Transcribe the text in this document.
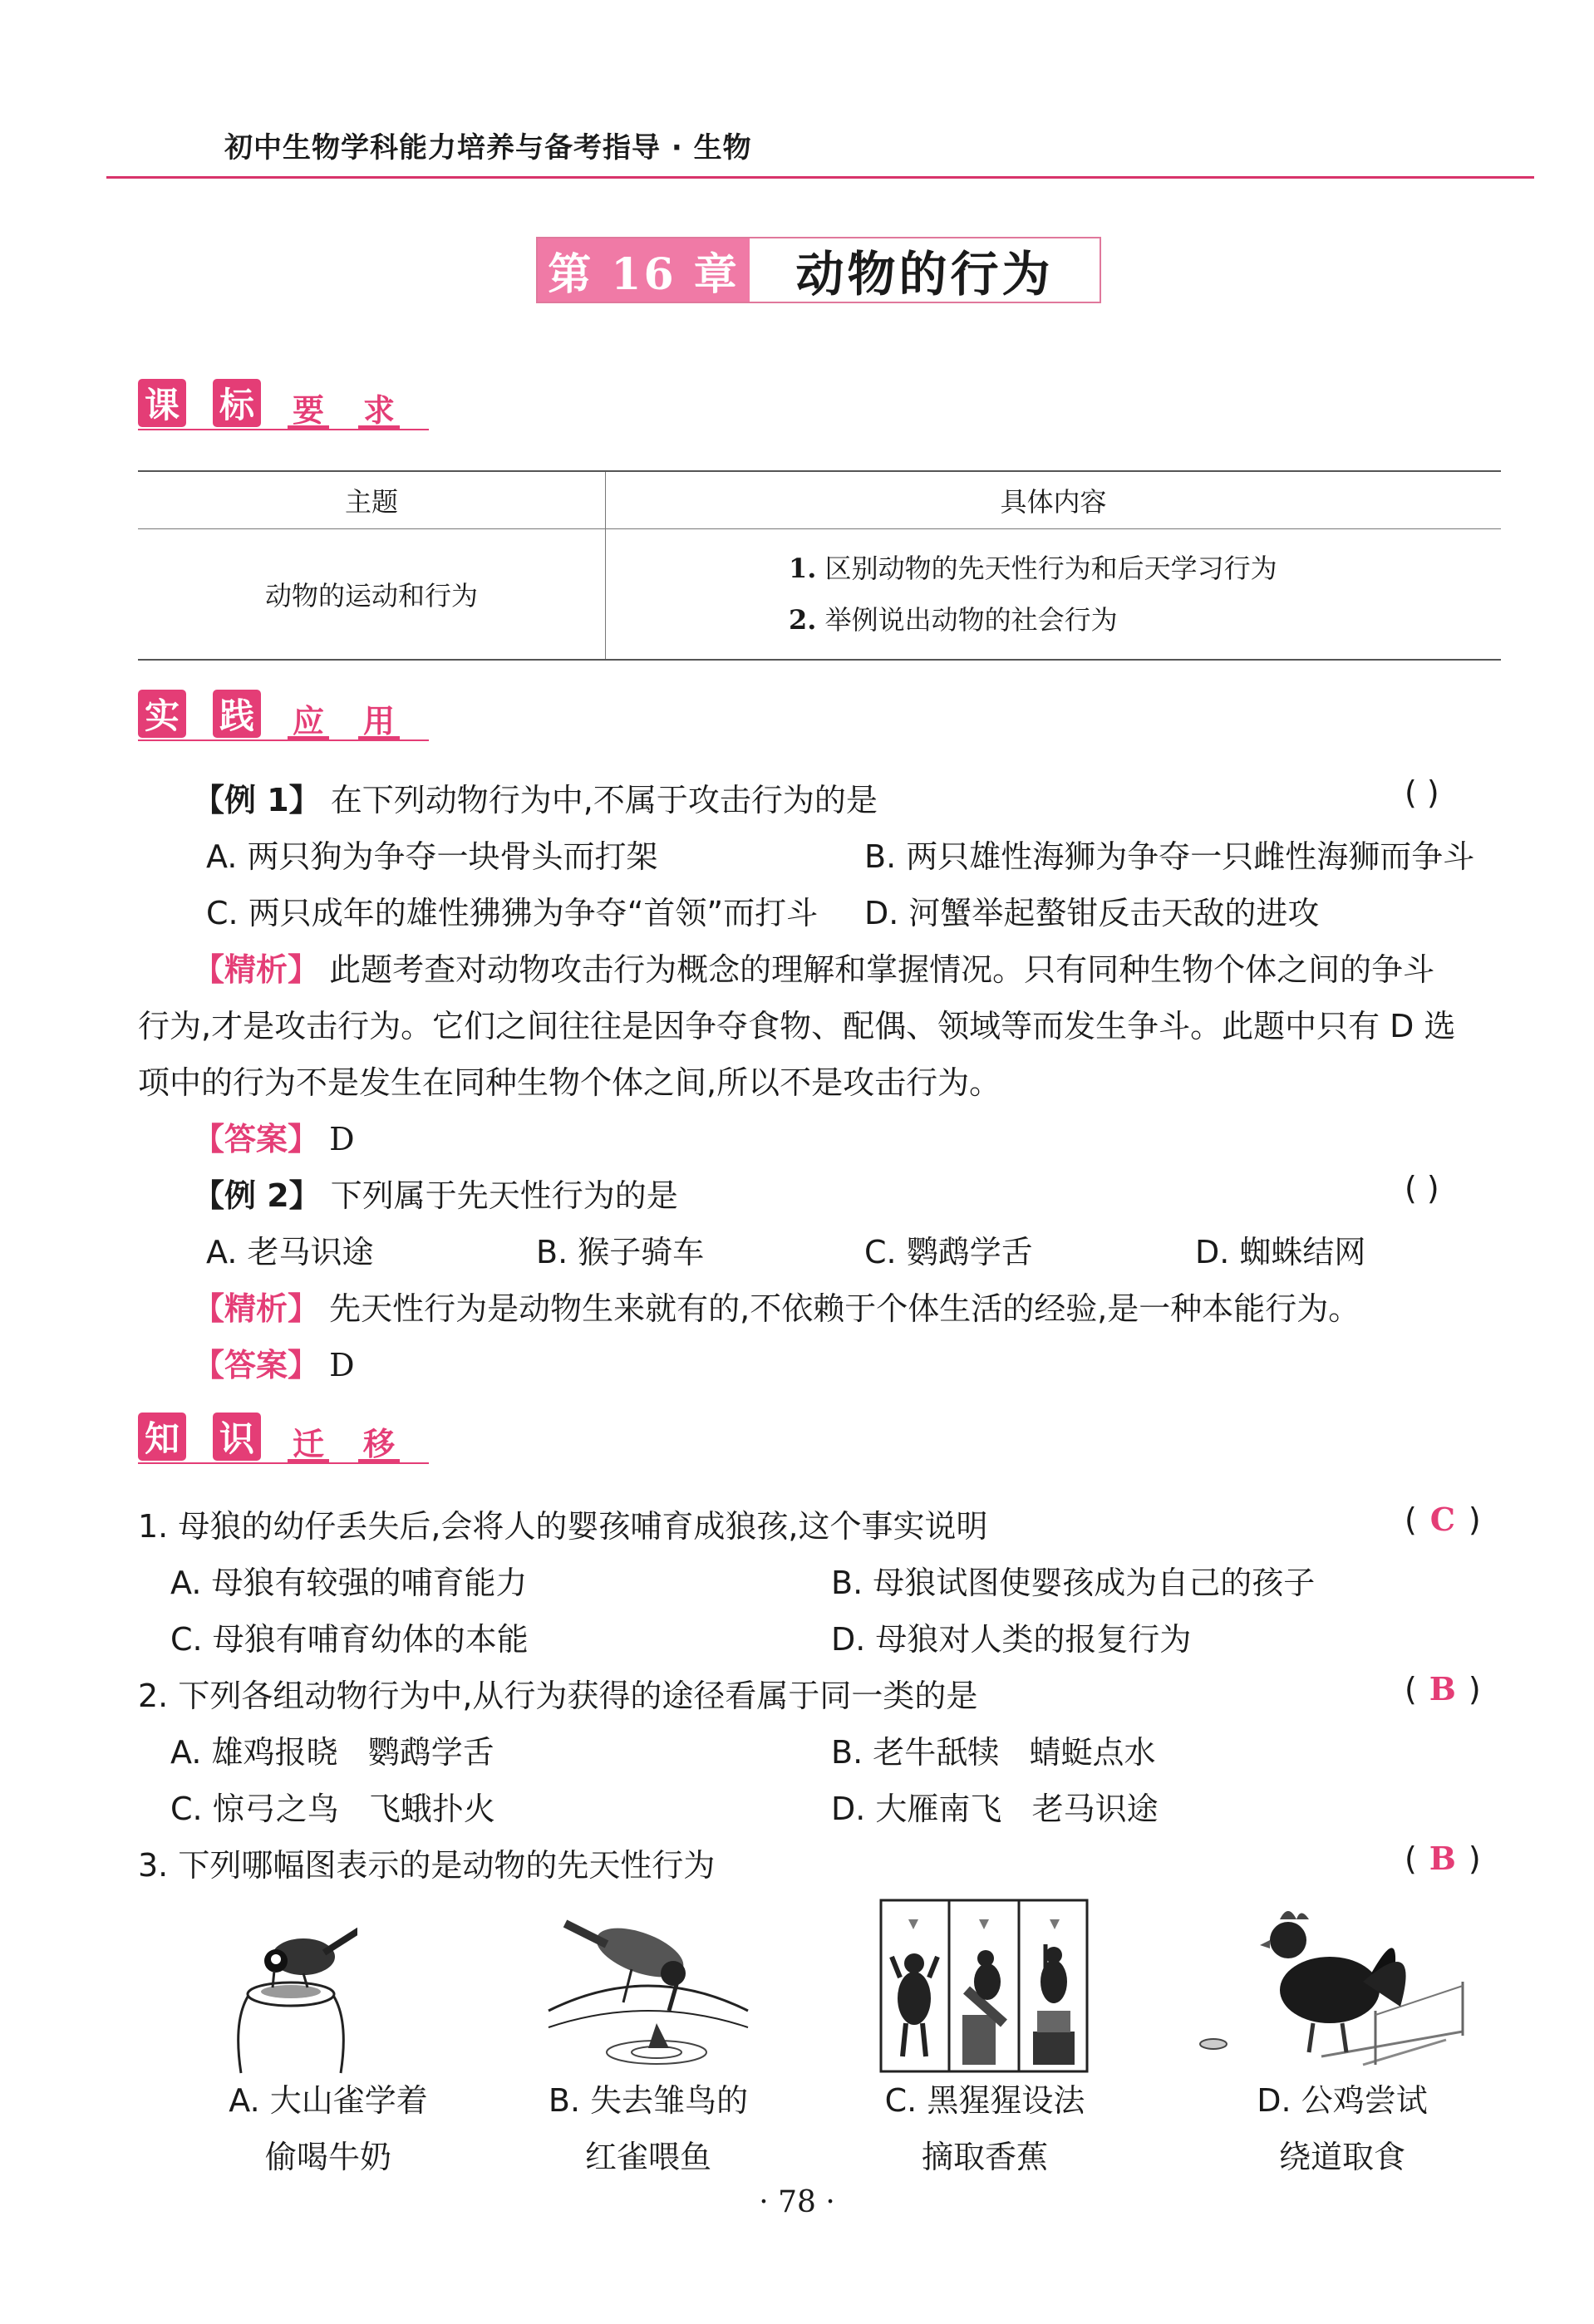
初中生物学科能力培养与备考指导 · 生物
第 16 章	动物的行为
课 标 要 求
主题	具体内容
动物的运动和行为	1. 区别动物的先天性行为和后天学习行为
2. 举例说出动物的社会行为
实 践 应 用
【例 1】 在下列动物行为中,不属于攻击行为的是	( )
A. 两只狗为争夺一块骨头而打架	B. 两只雄性海狮为争夺一只雌性海狮而争斗
C. 两只成年的雄性狒狒为争夺“首领”而打斗 D. 河蟹举起螯钳反击天敌的进攻
【精析】 此题考查对动物攻击行为概念的理解和掌握情况。只有同种生物个体之间的争斗
行为,才是攻击行为。它们之间往往是因争夺食物、配偶、领域等而发生争斗。此题中只有 D 选
项中的行为不是发生在同种生物个体之间,所以不是攻击行为。
【答案】 D
【例 2】 下列属于先天性行为的是	( )
A. 老马识途	B. 猴子骑车	C. 鹦鹉学舌	D. 蜘蛛结网
【精析】 先天性行为是动物生来就有的,不依赖于个体生活的经验,是一种本能行为。
【答案】 D
知 识 迁 移
1. 母狼的幼仔丢失后,会将人的婴孩哺育成狼孩,这个事实说明	( C )
A. 母狼有较强的哺育能力	B. 母狼试图使婴孩成为自己的孩子
C. 母狼有哺育幼体的本能	D. 母狼对人类的报复行为
2. 下列各组动物行为中,从行为获得的途径看属于同一类的是	( B )
A. 雄鸡报晓   鹦鹉学舌	B. 老牛舐犊   蜻蜓点水
C. 惊弓之鸟   飞蛾扑火	D. 大雁南飞   老马识途
3. 下列哪幅图表示的是动物的先天性行为	( B )
A. 大山雀学着
偷喝牛奶
B. 失去雏鸟的
红雀喂鱼
C. 黑猩猩设法
摘取香蕉
D. 公鸡尝试
绕道取食
· 78 ·
